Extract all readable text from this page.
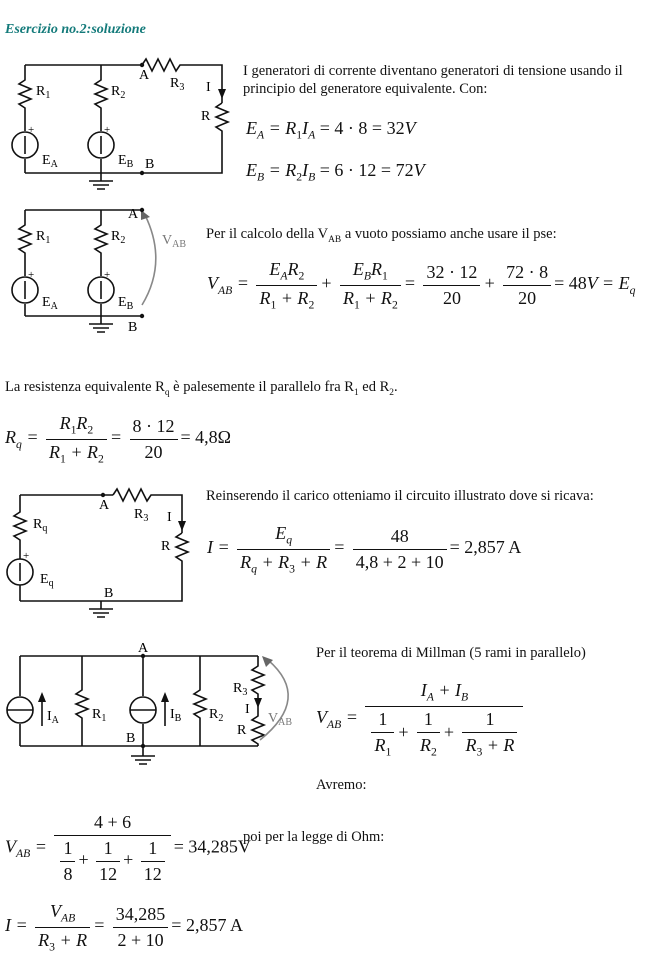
Esercizio no.2:soluzione
$R_1$	$R_2$
$R_3$
R
I
A
B
+	+
$E_A$	$E_B$
I generatori di corrente diventano generatori di tensione usando il principio del generatore equivalente. Con:
$E_A = R_1I_A = 4 \cdot 8 = 32V$
$E_B = R_2I_B = 6 \cdot 12 = 72V$
$R_1$	$R_2$
A
B
$V_{AB}$
+	+
$E_A$	$E_B$
Per il calcolo della $V_{AB}$ a vuoto possiamo anche usare il pse:
$V_{AB} = \frac{E_AR_2}{R_1 + R_2} + \frac{E_BR_1}{R_1 + R_2} = \frac{32 \cdot 12}{20} + \frac{72 \cdot 8}{20} = 48V = E_q$
La resistenza equivalente $R_q$ è palesemente il parallelo fra $R_1$ ed $R_2$.
$R_q = \frac{R_1R_2}{R_1 + R_2} = \frac{8 \cdot 12}{20} = 4,8\Omega$
$R_q$
$R_3$
R
I
A
B
+
$E_q$
Reinserendo il carico otteniamo il circuito illustrato dove si ricava:
$I = \frac{E_q}{R_q + R_3 + R} = \frac{48}{4,8 + 2 + 10} = 2,857$ A
A
B
$I_A$ $R_1$	$I_B$ $R_2$
$R_3$
I
R
$V_{AB}$
Per il teorema di Millman (5 rami in parallelo)
$V_{AB} = \frac{I_A + I_B}{\frac{1}{R_1} + \frac{1}{R_2} + \frac{1}{R_3 + R}}$
Avremo:
$V_{AB} = \frac{4 + 6}{\frac{1}{8} + \frac{1}{12} + \frac{1}{12}} = 34,285V$
poi per la legge di Ohm:
$I = \frac{V_{AB}}{R_3 + R} = \frac{34,285}{2 + 10} = 2,857$ A
